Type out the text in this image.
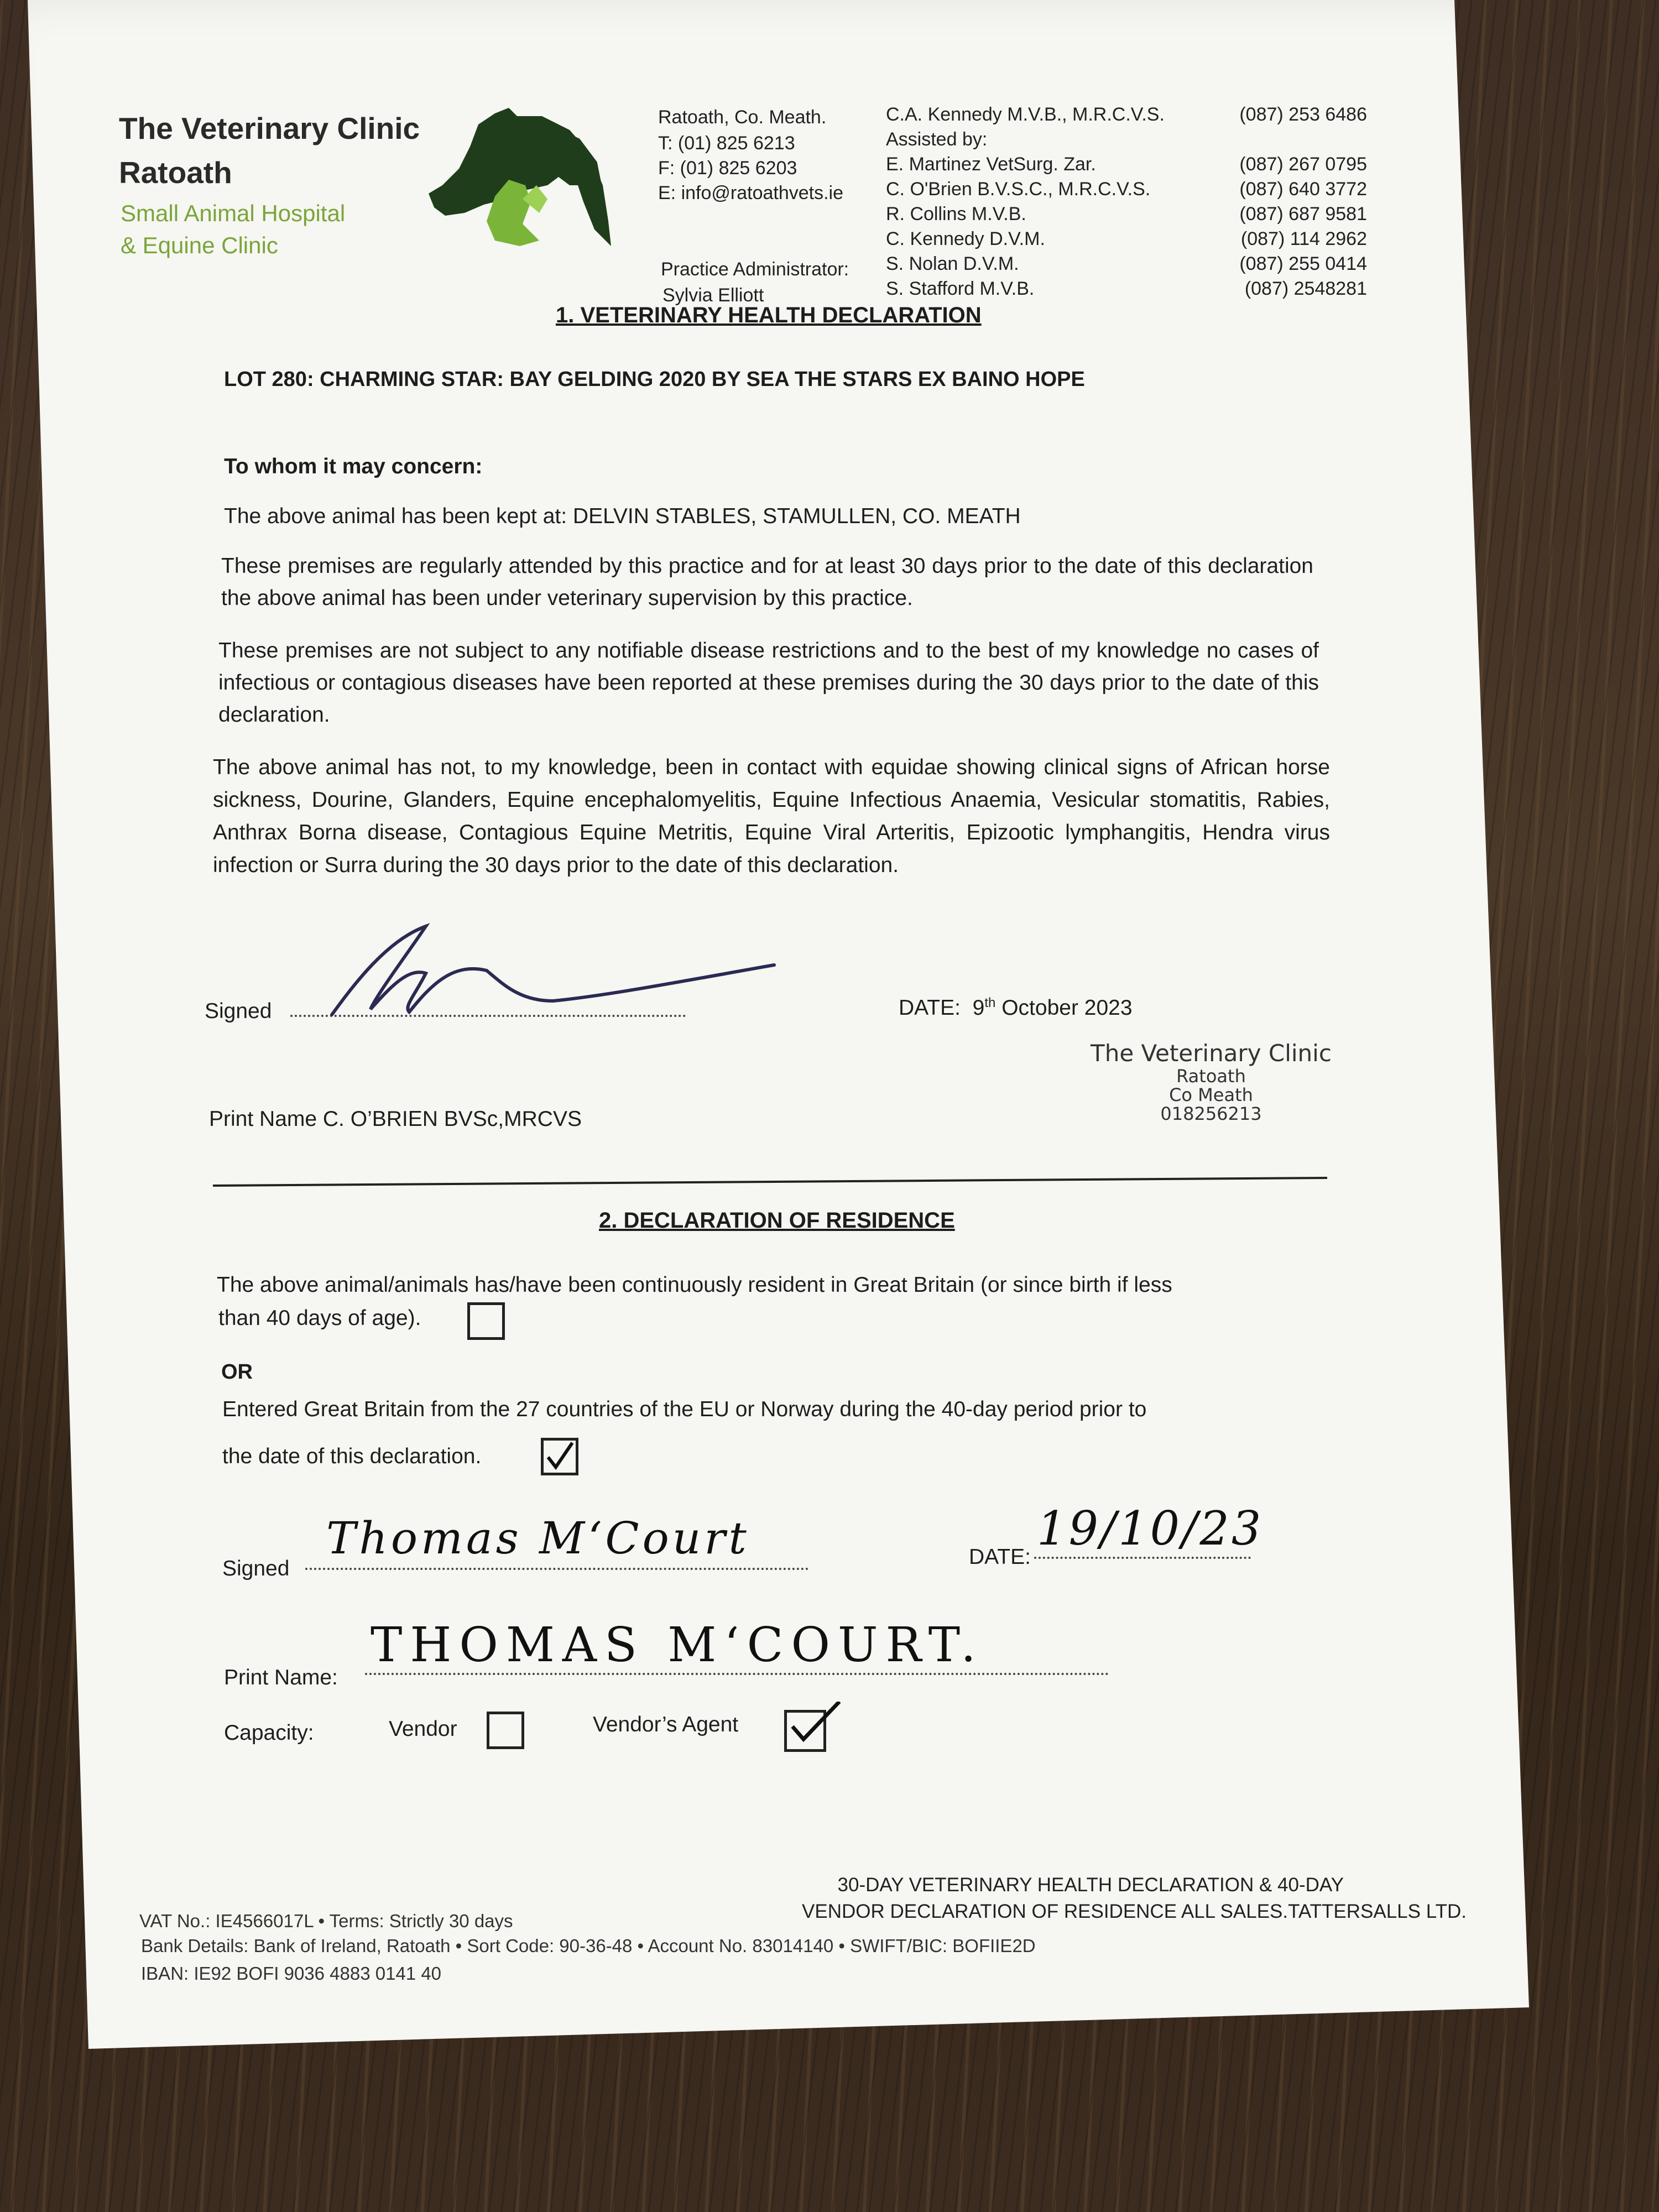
The Veterinary Clinic
Ratoath
Small Animal Hospital
& Equine Clinic
Ratoath, Co. Meath.
T: (01) 825 6213
F: (01) 825 6203
E: info@ratoathvets.ie
Practice Administrator:
Sylvia Elliott
C.A. Kennedy M.V.B., M.R.C.V.S.	(087) 253 6486
Assisted by:
E. Martinez VetSurg. Zar.	(087) 267 0795
C. O'Brien B.V.S.C., M.R.C.V.S.	(087) 640 3772
R. Collins M.V.B.	(087) 687 9581
C. Kennedy D.V.M.	(087) 114 2962
S. Nolan D.V.M.	(087) 255 0414
S. Stafford M.V.B.	(087) 2548281
1. VETERINARY HEALTH DECLARATION
LOT 280: CHARMING STAR: BAY GELDING 2020 BY SEA THE STARS EX BAINO HOPE
To whom it may concern:
The above animal has been kept at: DELVIN STABLES, STAMULLEN, CO. MEATH
These premises are regularly attended by this practice and for at least 30 days prior to the date of this declaration the above animal has been under veterinary supervision by this practice.
These premises are not subject to any notifiable disease restrictions and to the best of my knowledge no cases of infectious or contagious diseases have been reported at these premises during the 30 days prior to the date of this declaration.
The above animal has not, to my knowledge, been in contact with equidae showing clinical signs of African horse sickness, Dourine, Glanders, Equine encephalomyelitis, Equine Infectious Anaemia, Vesicular stomatitis, Rabies, Anthrax Borna disease, Contagious Equine Metritis, Equine Viral Arteritis, Epizootic lymphangitis, Hendra virus infection or Surra during the 30 days prior to the date of this declaration.
Signed	DATE: 9th October 2023
The Veterinary Clinic
Ratoath
Co Meath
018256213
Print Name C. O’BRIEN BVSc,MRCVS
2. DECLARATION OF RESIDENCE
The above animal/animals has/have been continuously resident in Great Britain (or since birth if less
than 40 days of age).
OR
Entered Great Britain from the 27 countries of the EU or Norway during the 40-day period prior to
the date of this declaration.
Signed
Thomas MʻCourt	DATE:
19/10/23
Print Name:
THOMAS MʻCOURT.
Capacity:	Vendor	Vendor’s Agent
30-DAY VETERINARY HEALTH DECLARATION & 40-DAY
VENDOR DECLARATION OF RESIDENCE ALL SALES.TATTERSALLS LTD.
VAT No.: IE4566017L • Terms: Strictly 30 days
Bank Details: Bank of Ireland, Ratoath • Sort Code: 90-36-48 • Account No. 83014140 • SWIFT/BIC: BOFIIE2D
IBAN: IE92 BOFI 9036 4883 0141 40
